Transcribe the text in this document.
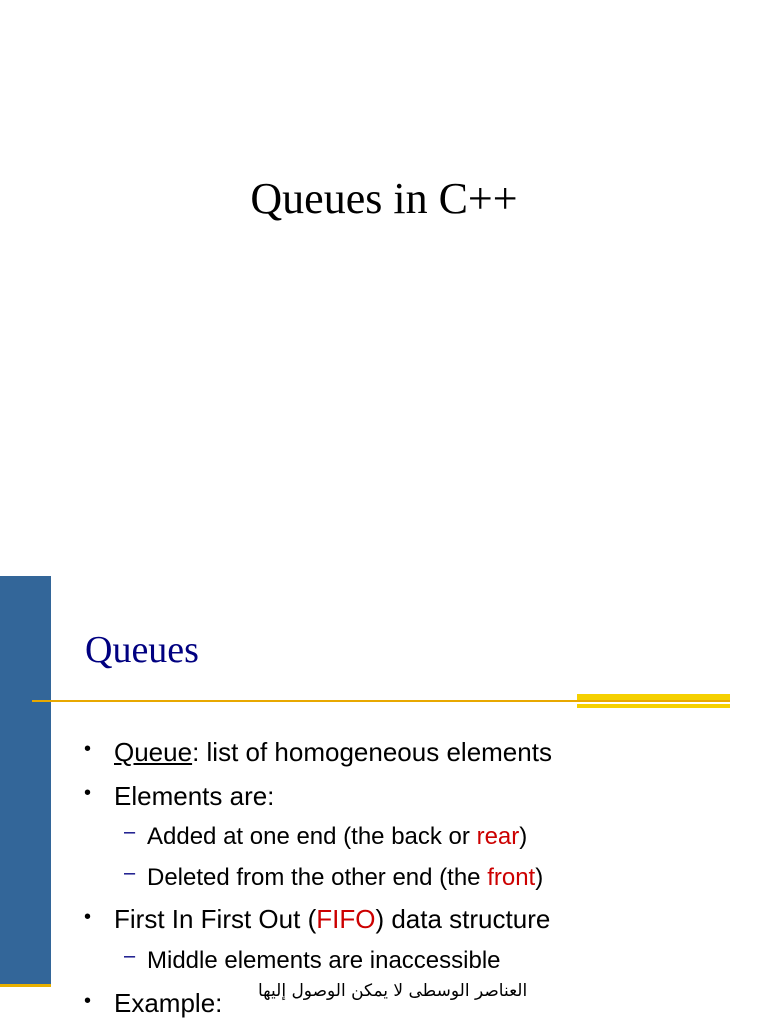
Queues in C++
Queues
• Queue: list of homogeneous elements
• Elements are:
– Added at one end (the back or rear)
– Deleted from the other end (the front)
• First In First Out (FIFO) data structure
– Middle elements are inaccessible
• Example: العناصر الوسطى لا يمكن الوصول إليها
